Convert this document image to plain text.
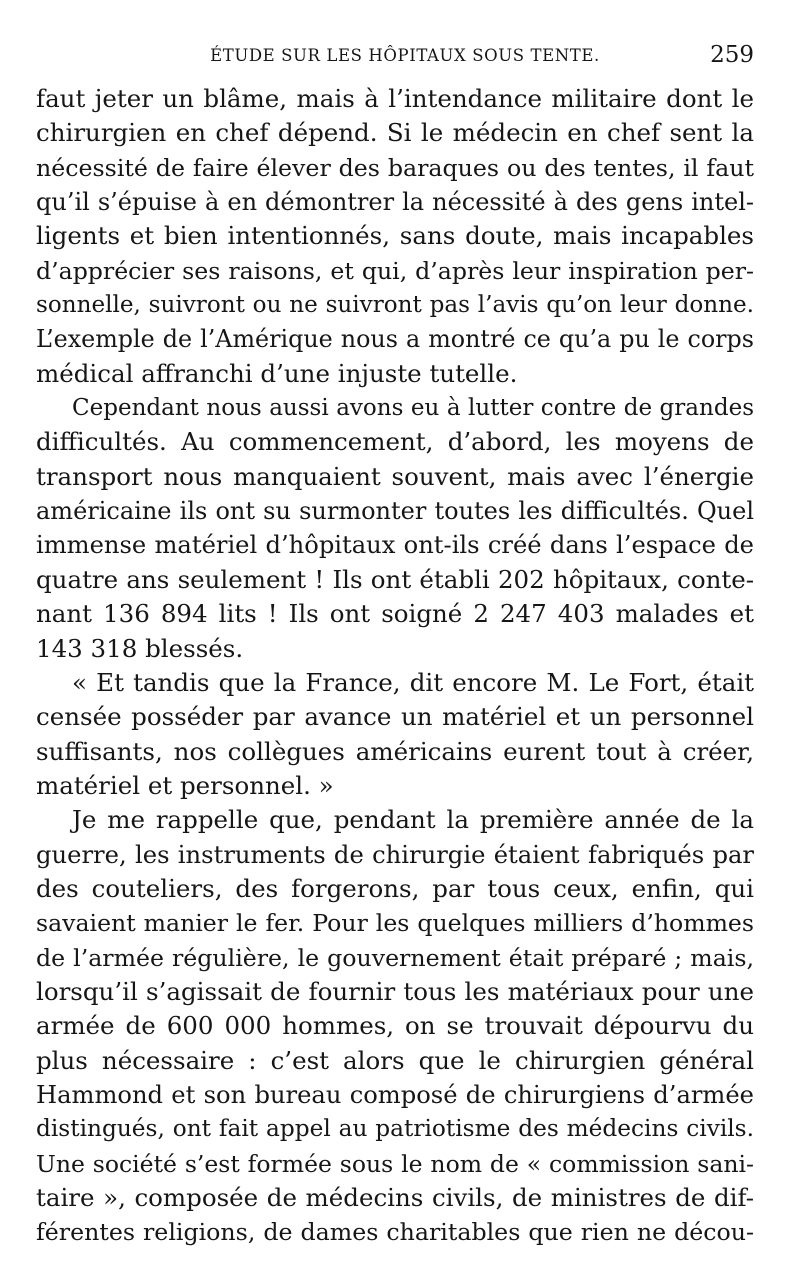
ÉTUDE SUR LES HÔPITAUX SOUS TENTE.	259
faut jeter un blâme, mais à l’intendance militaire dont le
chirurgien en chef dépend. Si le médecin en chef sent la
nécessité de faire élever des baraques ou des tentes, il faut
qu’il s’épuise à en démontrer la nécessité à des gens intel-
ligents et bien intentionnés, sans doute, mais incapables
d’apprécier ses raisons, et qui, d’après leur inspiration per-
sonnelle, suivront ou ne suivront pas l’avis qu’on leur donne.
L’exemple de l’Amérique nous a montré ce qu’a pu le corps
médical affranchi d’une injuste tutelle.
Cependant nous aussi avons eu à lutter contre de grandes
difficultés. Au commencement, d’abord, les moyens de
transport nous manquaient souvent, mais avec l’énergie
américaine ils ont su surmonter toutes les difficultés. Quel
immense matériel d’hôpitaux ont-ils créé dans l’espace de
quatre ans seulement ! Ils ont établi 202 hôpitaux, conte-
nant 136 894 lits ! Ils ont soigné 2 247 403 malades et
143 318 blessés.
« Et tandis que la France, dit encore M. Le Fort, était
censée posséder par avance un matériel et un personnel
suffisants, nos collègues américains eurent tout à créer,
matériel et personnel. »
Je me rappelle que, pendant la première année de la
guerre, les instruments de chirurgie étaient fabriqués par
des couteliers, des forgerons, par tous ceux, enfin, qui
savaient manier le fer. Pour les quelques milliers d’hommes
de l’armée régulière, le gouvernement était préparé ; mais,
lorsqu’il s’agissait de fournir tous les matériaux pour une
armée de 600 000 hommes, on se trouvait dépourvu du
plus nécessaire : c’est alors que le chirurgien général
Hammond et son bureau composé de chirurgiens d’armée
distingués, ont fait appel au patriotisme des médecins civils.
Une société s’est formée sous le nom de « commission sani-
taire », composée de médecins civils, de ministres de dif-
férentes religions, de dames charitables que rien ne décou-
